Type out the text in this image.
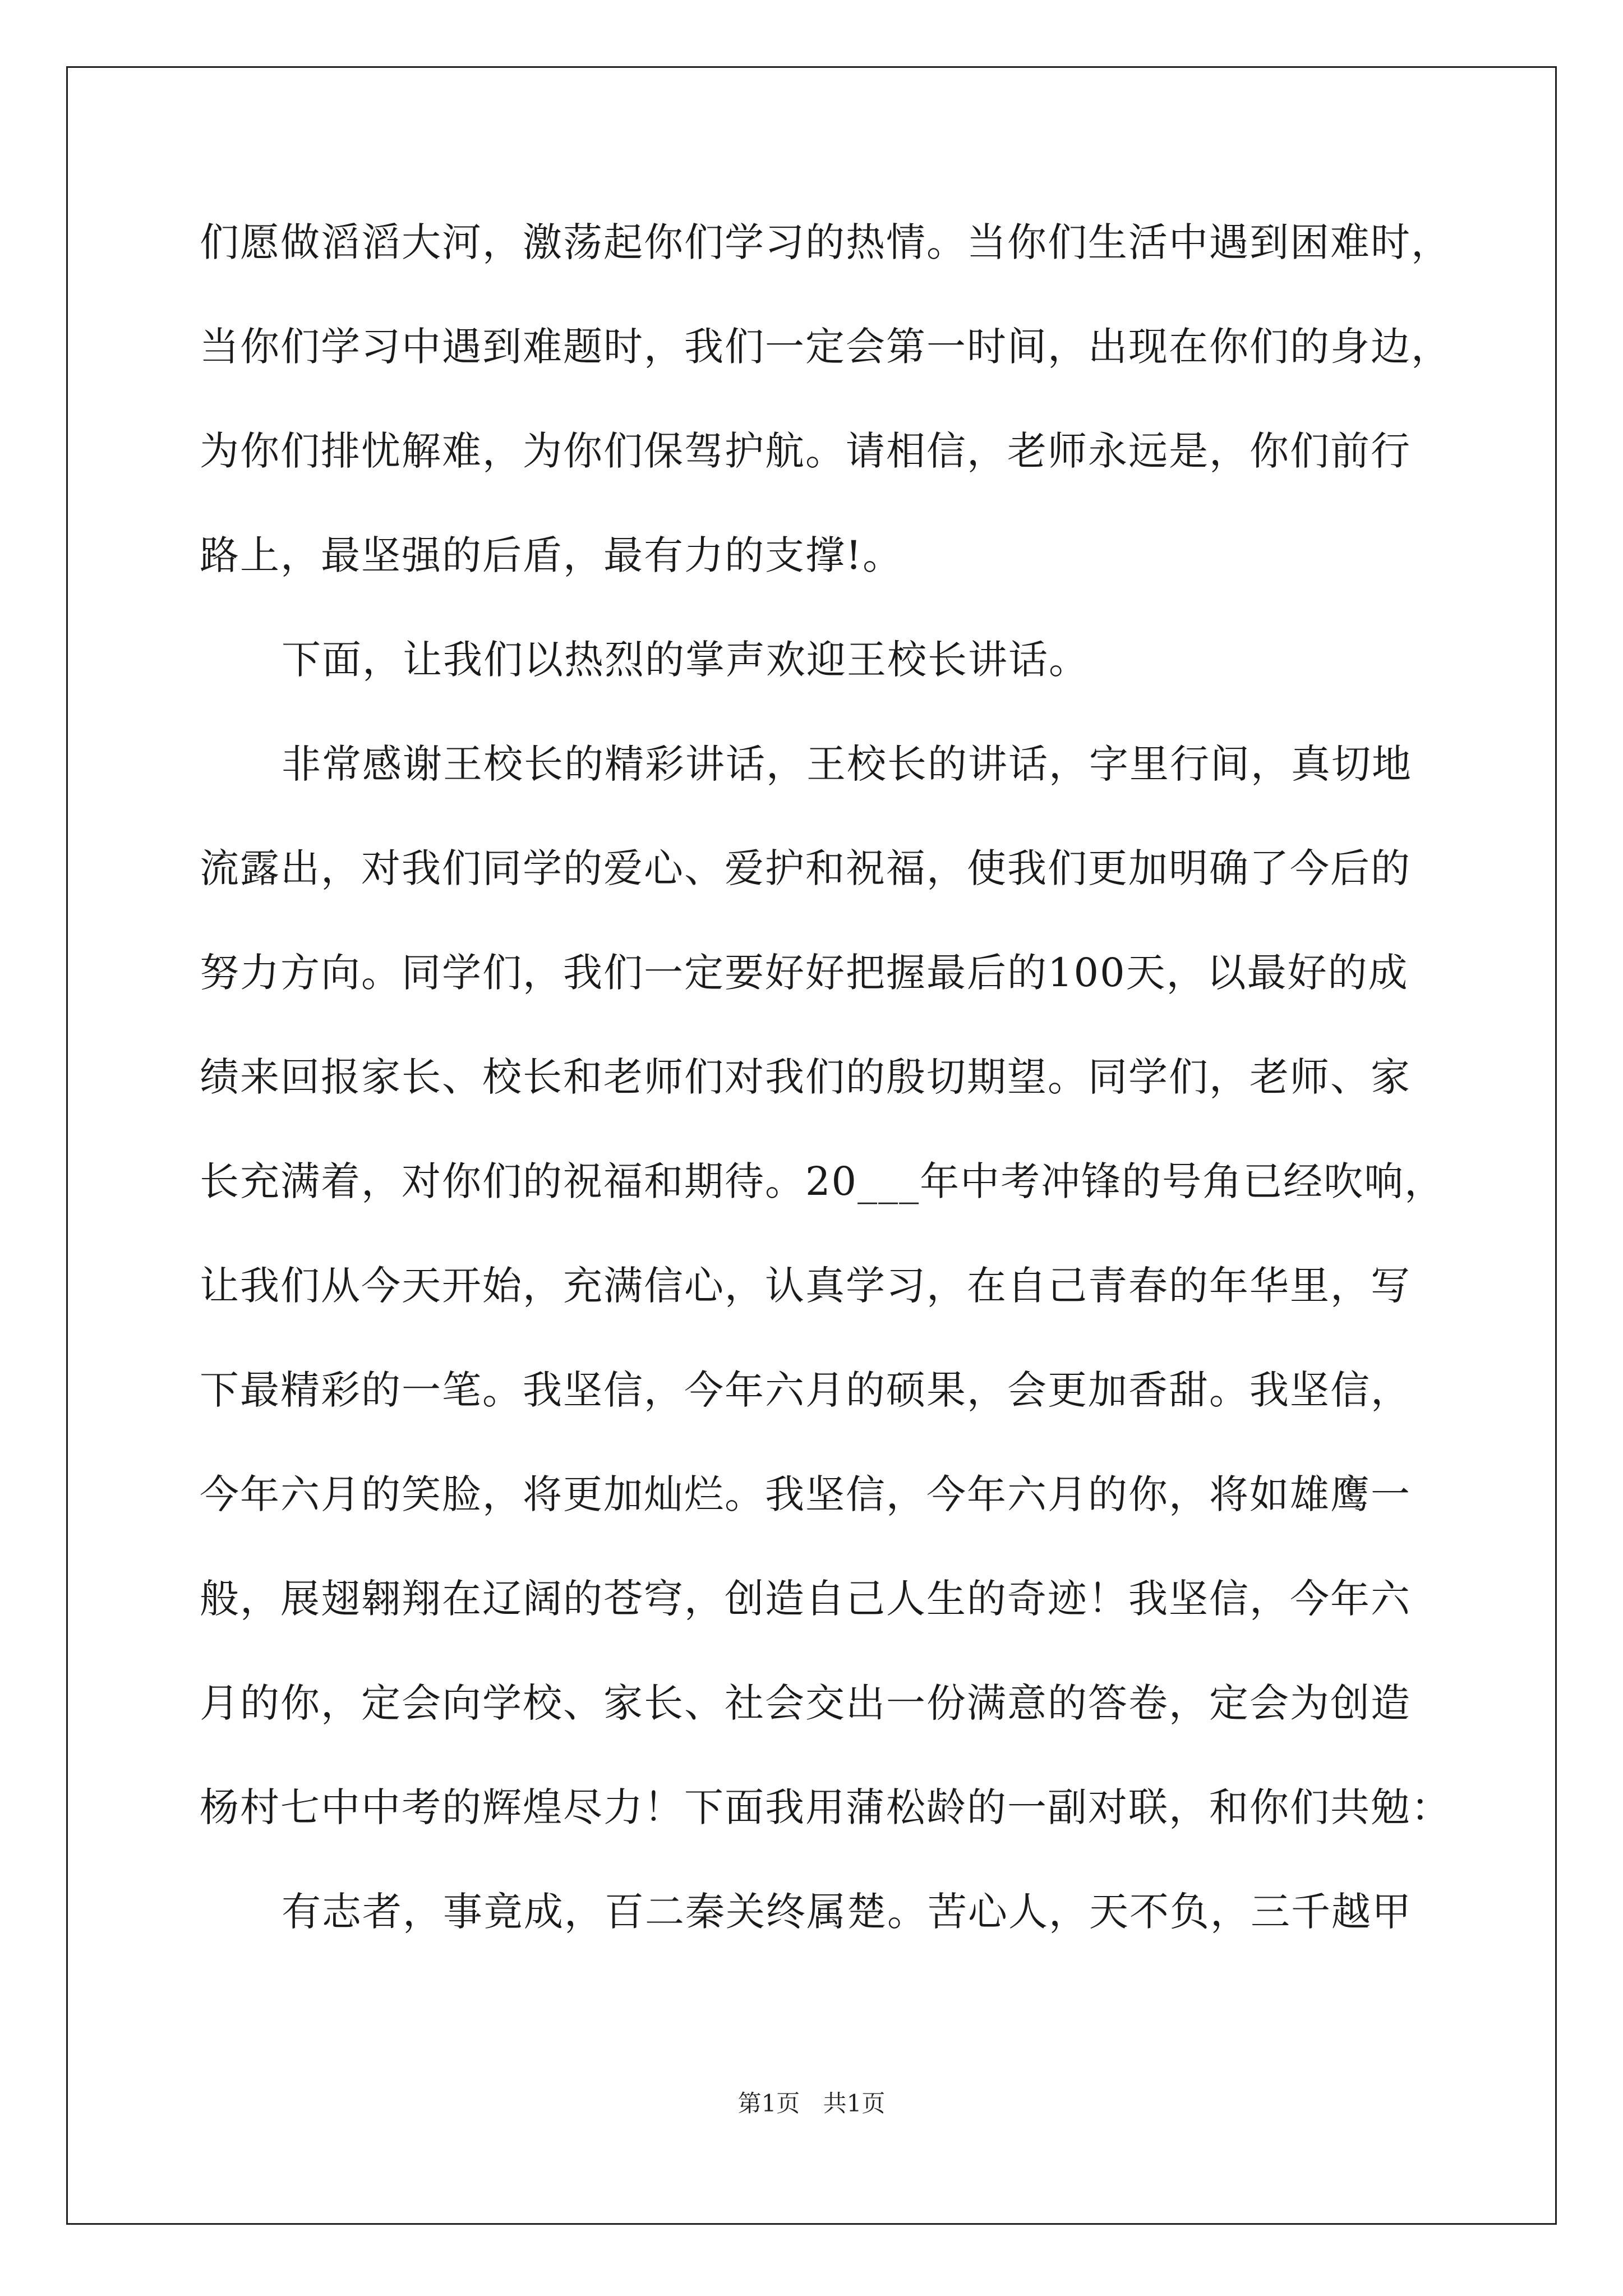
们愿做滔滔大河，激荡起你们学习的热情。当你们生活中遇到困难时，
当你们学习中遇到难题时，我们一定会第一时间，出现在你们的身边，
为你们排忧解难，为你们保驾护航。请相信，老师永远是，你们前行
路上，最坚强的后盾，最有力的支撑!。
下面，让我们以热烈的掌声欢迎王校长讲话。
非常感谢王校长的精彩讲话，王校长的讲话，字里行间，真切地
流露出，对我们同学的爱心、爱护和祝福，使我们更加明确了今后的
努力方向。同学们，我们一定要好好把握最后的100天，以最好的成
绩来回报家长、校长和老师们对我们的殷切期望。同学们，老师、家
长充满着，对你们的祝福和期待。20___年中考冲锋的号角已经吹响，
让我们从今天开始，充满信心，认真学习，在自己青春的年华里，写
下最精彩的一笔。我坚信，今年六月的硕果，会更加香甜。我坚信，
今年六月的笑脸，将更加灿烂。我坚信，今年六月的你，将如雄鹰一
般，展翅翱翔在辽阔的苍穹，创造自己人生的奇迹！我坚信，今年六
月的你，定会向学校、家长、社会交出一份满意的答卷，定会为创造
杨村七中中考的辉煌尽力！下面我用蒲松龄的一副对联，和你们共勉：
有志者，事竟成，百二秦关终属楚。苦心人，天不负，三千越甲
第1页 共1页
